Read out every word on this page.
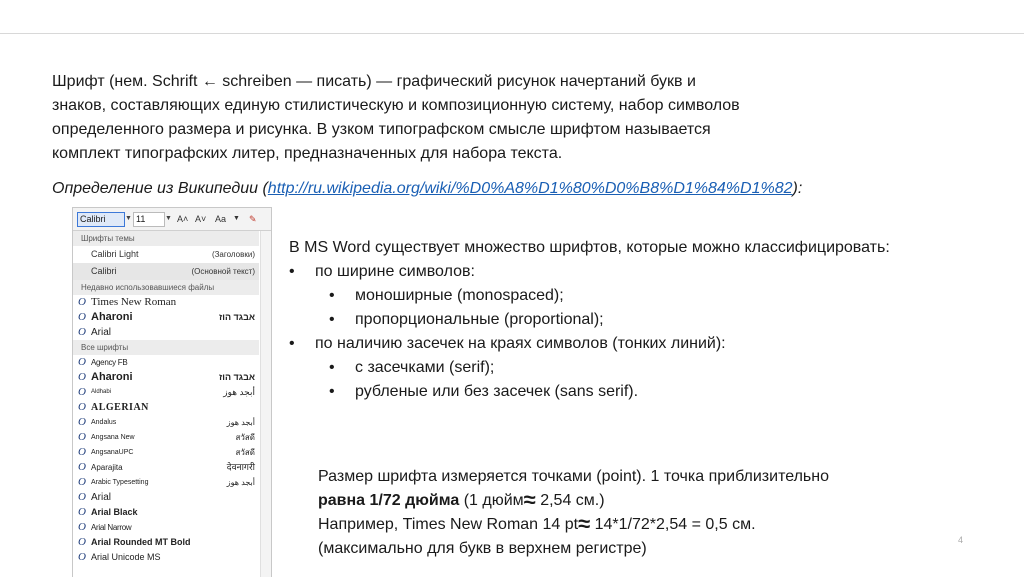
Шрифт (нем. Schrift ← schreiben — писать) — графический рисунок начертаний букв и
знаков, составляющих единую стилистическую и композиционную систему, набор символов
определенного размера и рисунка. В узком типографском смысле шрифтом называется
комплект типографских литер, предназначенных для набора текста.

Определение из Википедии (http://ru.wikipedia.org/wiki/%D0%A8%D1%80%D0%B8%D1%84%D1%82):
Calibri	▼ 11	▼ A˄ A˅ Aa ▼ ✎
Шрифты темы
Calibri Light	(Заголовки)
Calibri	(Основной текст)
Недавно использовавшиеся файлы
O Times New Roman
O Aharoni	אבגד הוז
O Arial
Все шрифты
O Agency FB
O Aharoni	אבגד הוז
O Aldhabi	أبجد هوز
O ALGERIAN
O Andalus	أبجد هوز
O Angsana New	สวัสดี
O AngsanaUPC	สวัสดี
O Aparajita	देवनागरी
O Arabic Typesetting	أبجد هوز
O Arial
O Arial Black
O Arial Narrow
O Arial Rounded MT Bold
O Arial Unicode MS
В MS Word существует множество шрифтов, которые можно классифицировать:
• по ширине символов:
• моноширные (monospaced);
• пропорциональные (proportional);
• по наличию засечек на краях символов (тонких линий):
• с засечками (serif);
• рубленые или без засечек (sans serif).
Размер шрифта измеряется точками (point). 1 точка приблизительно
равна 1/72 дюйма (1 дюйм≈ 2,54 см.)
Например, Times New Roman 14 pt≈ 14*1/72*2,54 = 0,5 см.
(максимально для букв в верхнем регистре)	4
